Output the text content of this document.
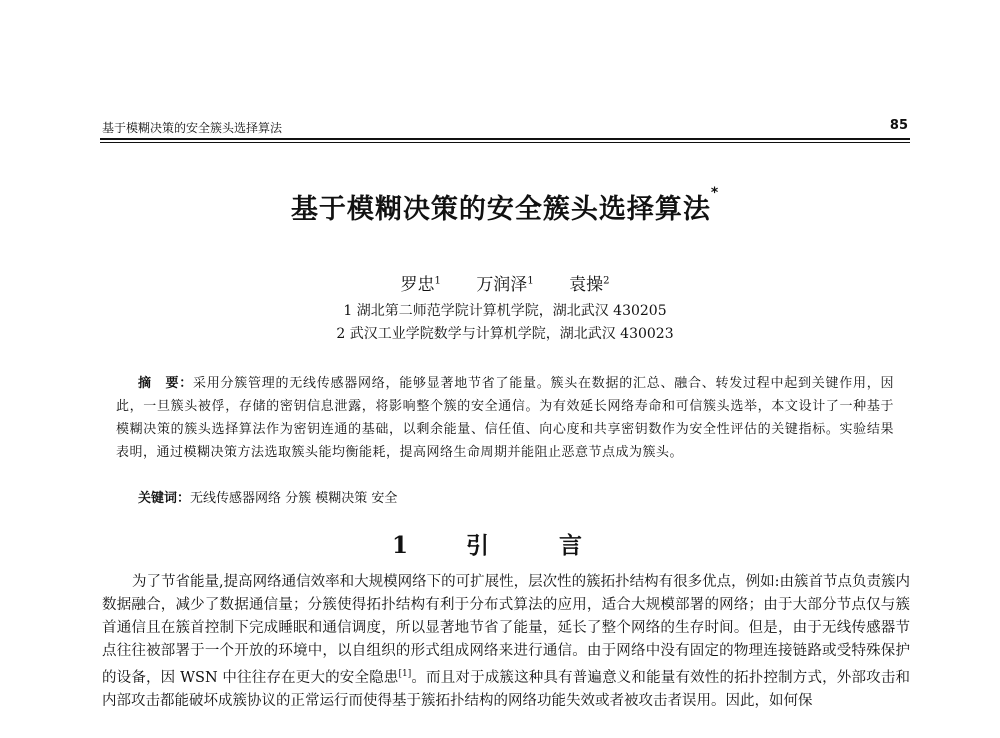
基于模糊决策的安全簇头选择算法	85
基于模糊决策的安全簇头选择算法*
罗忠$^1$ 万润泽$^1$ 袁操$^2$
1 湖北第二师范学院计算机学院，湖北武汉 430205
2 武汉工业学院数学与计算机学院，湖北武汉 430023
摘　要：采用分簇管理的无线传感器网络，能够显著地节省了能量。簇头在数据的汇总、融合、转发过程中起到关键作用，因此，一旦簇头被俘，存储的密钥信息泄露，将影响整个簇的安全通信。为有效延长网络寿命和可信簇头选举，本文设计了一种基于模糊决策的簇头选择算法作为密钥连通的基础，以剩余能量、信任值、向心度和共享密钥数作为安全性评估的关键指标。实验结果表明，通过模糊决策方法选取簇头能均衡能耗，提高网络生命周期并能阻止恶意节点成为簇头。
关键词：无线传感器网络 分簇 模糊决策 安全
1 引	言
为了节省能量,提高网络通信效率和大规模网络下的可扩展性，层次性的簇拓扑结构有很多优点，例如:由簇首节点负责簇内数据融合，减少了数据通信量；分簇使得拓扑结构有利于分布式算法的应用，适合大规模部署的网络；由于大部分节点仅与簇首通信且在簇首控制下完成睡眠和通信调度，所以显著地节省了能量，延长了整个网络的生存时间。但是，由于无线传感器节点往往被部署于一个开放的环境中，以自组织的形式组成网络来进行通信。由于网络中没有固定的物理连接链路或受特殊保护的设备，因 WSN 中往往存在更大的安全隐患[1]。而且对于成簇这种具有普遍意义和能量有效性的拓扑控制方式，外部攻击和内部攻击都能破坏成簇协议的正常运行而使得基于簇拓扑结构的网络功能失效或者被攻击者误用。因此，如何保
